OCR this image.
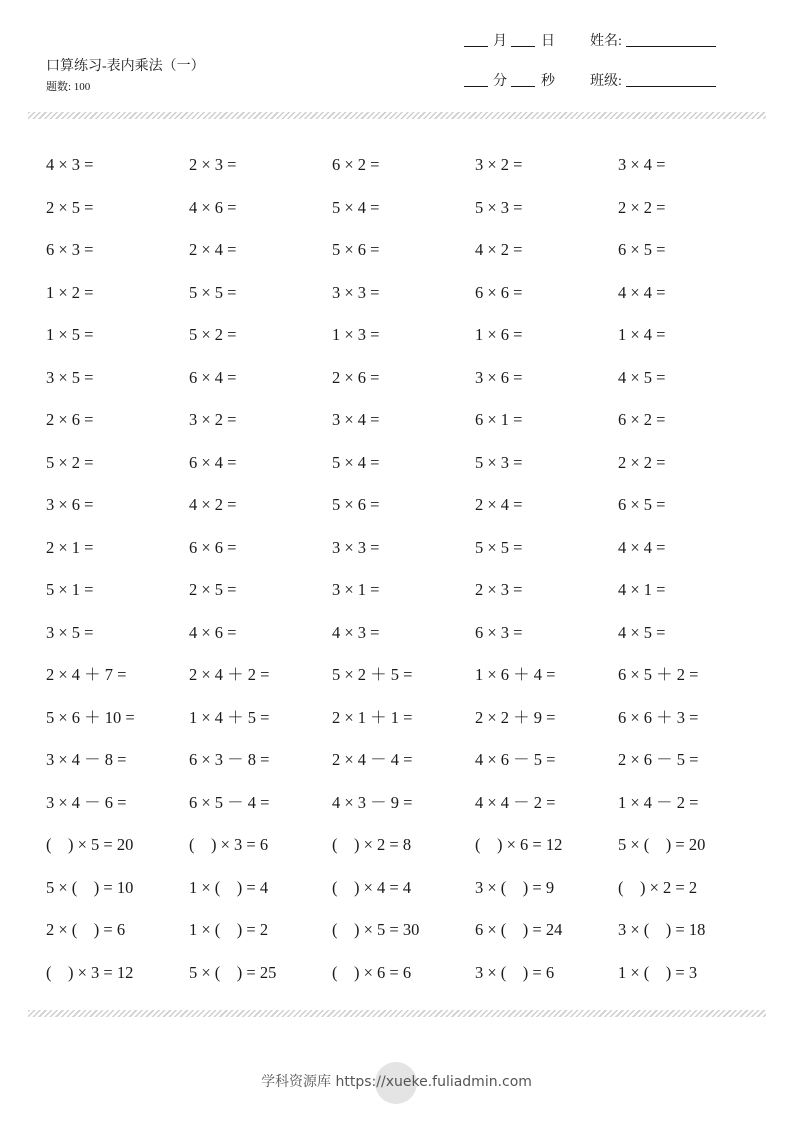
口算练习-表内乘法（一）
题数: 100
月 日	姓名:
分 秒	班级:
4 × 3 =	2 × 3 =	6 × 2 =	3 × 2 =	3 × 4 =
2 × 5 =	4 × 6 =	5 × 4 =	5 × 3 =	2 × 2 =
6 × 3 =	2 × 4 =	5 × 6 =	4 × 2 =	6 × 5 =
1 × 2 =	5 × 5 =	3 × 3 =	6 × 6 =	4 × 4 =
1 × 5 =	5 × 2 =	1 × 3 =	1 × 6 =	1 × 4 =
3 × 5 =	6 × 4 =	2 × 6 =	3 × 6 =	4 × 5 =
2 × 6 =	3 × 2 =	3 × 4 =	6 × 1 =	6 × 2 =
5 × 2 =	6 × 4 =	5 × 4 =	5 × 3 =	2 × 2 =
3 × 6 =	4 × 2 =	5 × 6 =	2 × 4 =	6 × 5 =
2 × 1 =	6 × 6 =	3 × 3 =	5 × 5 =	4 × 4 =
5 × 1 =	2 × 5 =	3 × 1 =	2 × 3 =	4 × 1 =
3 × 5 =	4 × 6 =	4 × 3 =	6 × 3 =	4 × 5 =
2 × 4 ＋ 7 =	2 × 4 ＋ 2 =	5 × 2 ＋ 5 =	1 × 6 ＋ 4 =	6 × 5 ＋ 2 =
5 × 6 ＋ 10 =	1 × 4 ＋ 5 =	2 × 1 ＋ 1 =	2 × 2 ＋ 9 =	6 × 6 ＋ 3 =
3 × 4 － 8 =	6 × 3 － 8 =	2 × 4 － 4 =	4 × 6 － 5 =	2 × 6 － 5 =
3 × 4 － 6 =	6 × 5 － 4 =	4 × 3 － 9 =	4 × 4 － 2 =	1 × 4 － 2 =
(    ) × 5 = 20	(    ) × 3 = 6	(    ) × 2 = 8	(    ) × 6 = 12	5 × (    ) = 20
5 × (    ) = 10	1 × (    ) = 4	(    ) × 4 = 4	3 × (    ) = 9	(    ) × 2 = 2
2 × (    ) = 6	1 × (    ) = 2	(    ) × 5 = 30	6 × (    ) = 24	3 × (    ) = 18
(    ) × 3 = 12	5 × (    ) = 25	(    ) × 6 = 6	3 × (    ) = 6	1 × (    ) = 3
学科资源库 https://xueke.fuliadmin.com
